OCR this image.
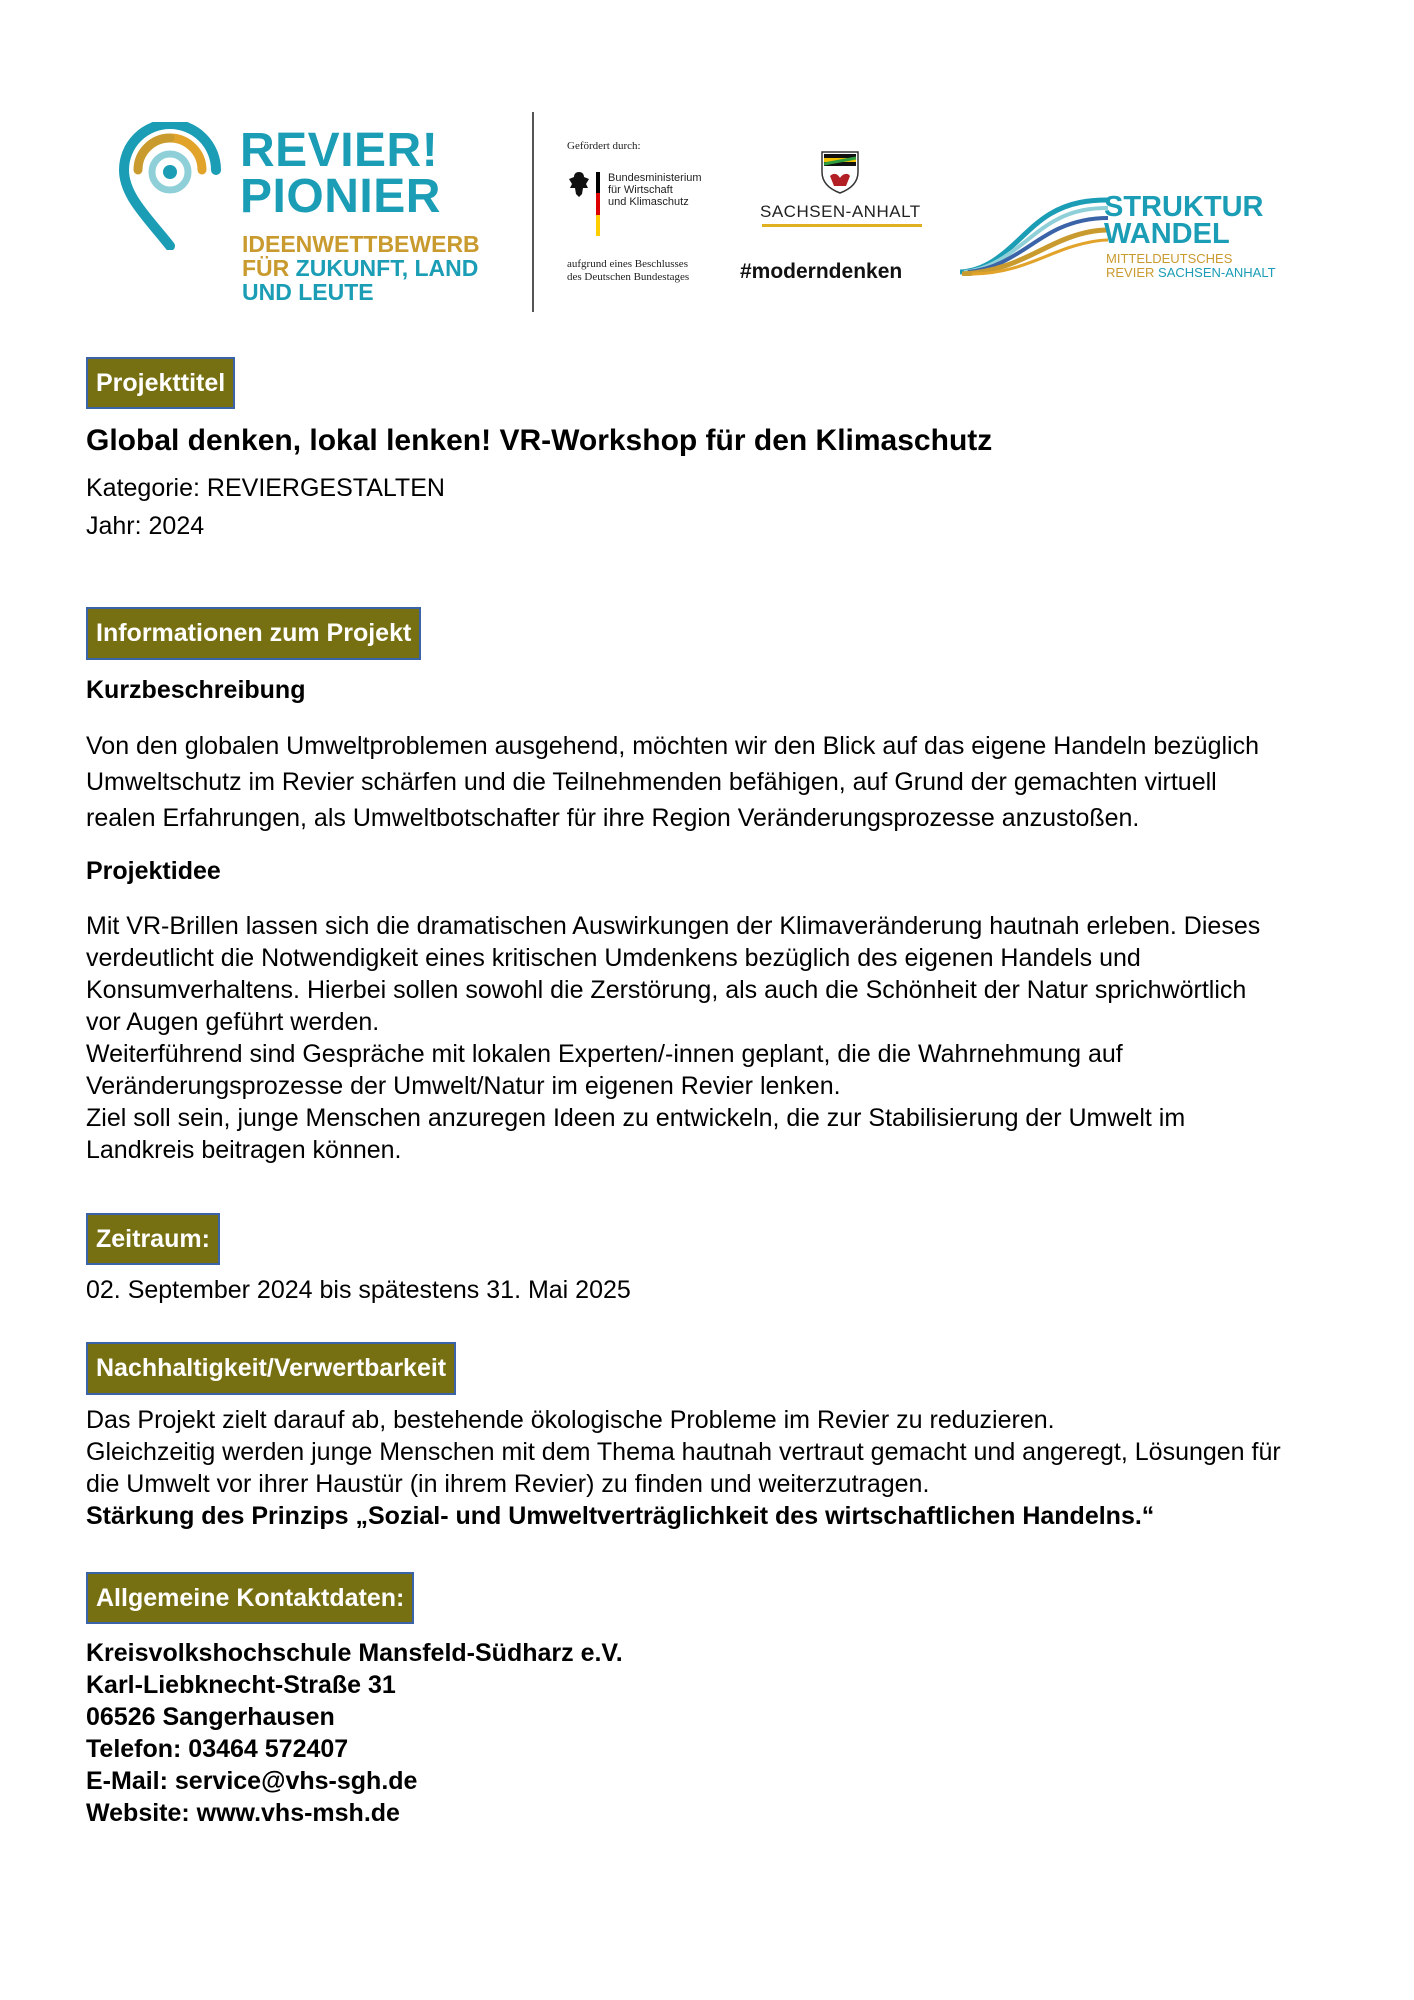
REVIER!
PIONIER
IDEENWETTBEWERB
FÜR ZUKUNFT, LAND
UND LEUTE
Gefördert durch:
Bundesministerium
für Wirtschaft
und Klimaschutz
aufgrund eines Beschlusses
des Deutschen Bundestages
SACHSEN-ANHALT
#moderndenken
STRUKTUR
WANDEL
MITTELDEUTSCHES
REVIER SACHSEN-ANHALT
Projekttitel
Global denken, lokal lenken! VR-Workshop für den Klimaschutz
Kategorie: REVIERGESTALTEN
Jahr: 2024
Informationen zum Projekt
Kurzbeschreibung
Von den globalen Umweltproblemen ausgehend, möchten wir den Blick auf das eigene Handeln bezüglich
Umweltschutz im Revier schärfen und die Teilnehmenden befähigen, auf Grund der gemachten virtuell
realen Erfahrungen, als Umweltbotschafter für ihre Region Veränderungsprozesse anzustoßen.
Projektidee
Mit VR-Brillen lassen sich die dramatischen Auswirkungen der Klimaveränderung hautnah erleben. Dieses
verdeutlicht die Notwendigkeit eines kritischen Umdenkens bezüglich des eigenen Handels und
Konsumverhaltens. Hierbei sollen sowohl die Zerstörung, als auch die Schönheit der Natur sprichwörtlich
vor Augen geführt werden.
Weiterführend sind Gespräche mit lokalen Experten/-innen geplant, die die Wahrnehmung auf
Veränderungsprozesse der Umwelt/Natur im eigenen Revier lenken.
Ziel soll sein, junge Menschen anzuregen Ideen zu entwickeln, die zur Stabilisierung der Umwelt im
Landkreis beitragen können.
Zeitraum:
02. September 2024 bis spätestens 31. Mai 2025
Nachhaltigkeit/Verwertbarkeit
Das Projekt zielt darauf ab, bestehende ökologische Probleme im Revier zu reduzieren.
Gleichzeitig werden junge Menschen mit dem Thema hautnah vertraut gemacht und angeregt, Lösungen für
die Umwelt vor ihrer Haustür (in ihrem Revier) zu finden und weiterzutragen.
Stärkung des Prinzips „Sozial- und Umweltverträglichkeit des wirtschaftlichen Handelns.“
Allgemeine Kontaktdaten:
Kreisvolkshochschule Mansfeld-Südharz e.V.
Karl-Liebknecht-Straße 31
06526 Sangerhausen
Telefon: 03464 572407
E-Mail: service@vhs-sgh.de
Website: www.vhs-msh.de
